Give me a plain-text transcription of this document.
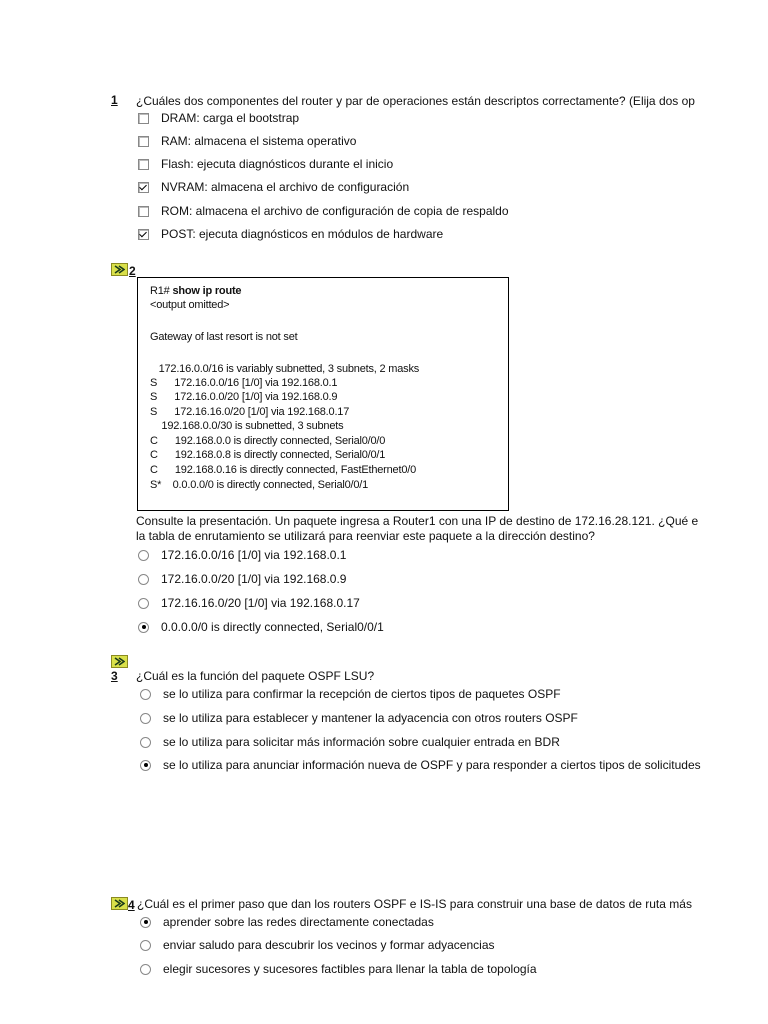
1 ¿Cuáles dos componentes del router y par de operaciones están descriptos correctamente? (Elija dos op
DRAM: carga el bootstrap
RAM: almacena el sistema operativo
Flash: ejecuta diagnósticos durante el inicio
NVRAM: almacena el archivo de configuración
ROM: almacena el archivo de configuración de copia de respaldo
POST: ejecuta diagnósticos en módulos de hardware
2
R1# show ip route
<output omitted>
Gateway of last resort is not set
172.16.0.0/16 is variably subnetted, 3 subnets, 2 masks
S      172.16.0.0/16 [1/0] via 192.168.0.1
S      172.16.0.0/20 [1/0] via 192.168.0.9
S      172.16.16.0/20 [1/0] via 192.168.0.17
192.168.0.0/30 is subnetted, 3 subnets
C      192.168.0.0 is directly connected, Serial0/0/0
C      192.168.0.8 is directly connected, Serial0/0/1
C      192.168.0.16 is directly connected, FastEthernet0/0
S*    0.0.0.0/0 is directly connected, Serial0/0/1
Consulte la presentación. Un paquete ingresa a Router1 con una IP de destino de 172.16.28.121. ¿Qué e
la tabla de enrutamiento se utilizará para reenviar este paquete a la dirección destino?
172.16.0.0/16 [1/0] via 192.168.0.1
172.16.0.0/20 [1/0] via 192.168.0.9
172.16.16.0/20 [1/0] via 192.168.0.17
0.0.0.0/0 is directly connected, Serial0/0/1
3 ¿Cuál es la función del paquete OSPF LSU?
se lo utiliza para confirmar la recepción de ciertos tipos de paquetes OSPF
se lo utiliza para establecer y mantener la adyacencia con otros routers OSPF
se lo utiliza para solicitar más información sobre cualquier entrada en BDR
se lo utiliza para anunciar información nueva de OSPF y para responder a ciertos tipos de solicitudes
4 ¿Cuál es el primer paso que dan los routers OSPF e IS-IS para construir una base de datos de ruta más
aprender sobre las redes directamente conectadas
enviar saludo para descubrir los vecinos y formar adyacencias
elegir sucesores y sucesores factibles para llenar la tabla de topología
